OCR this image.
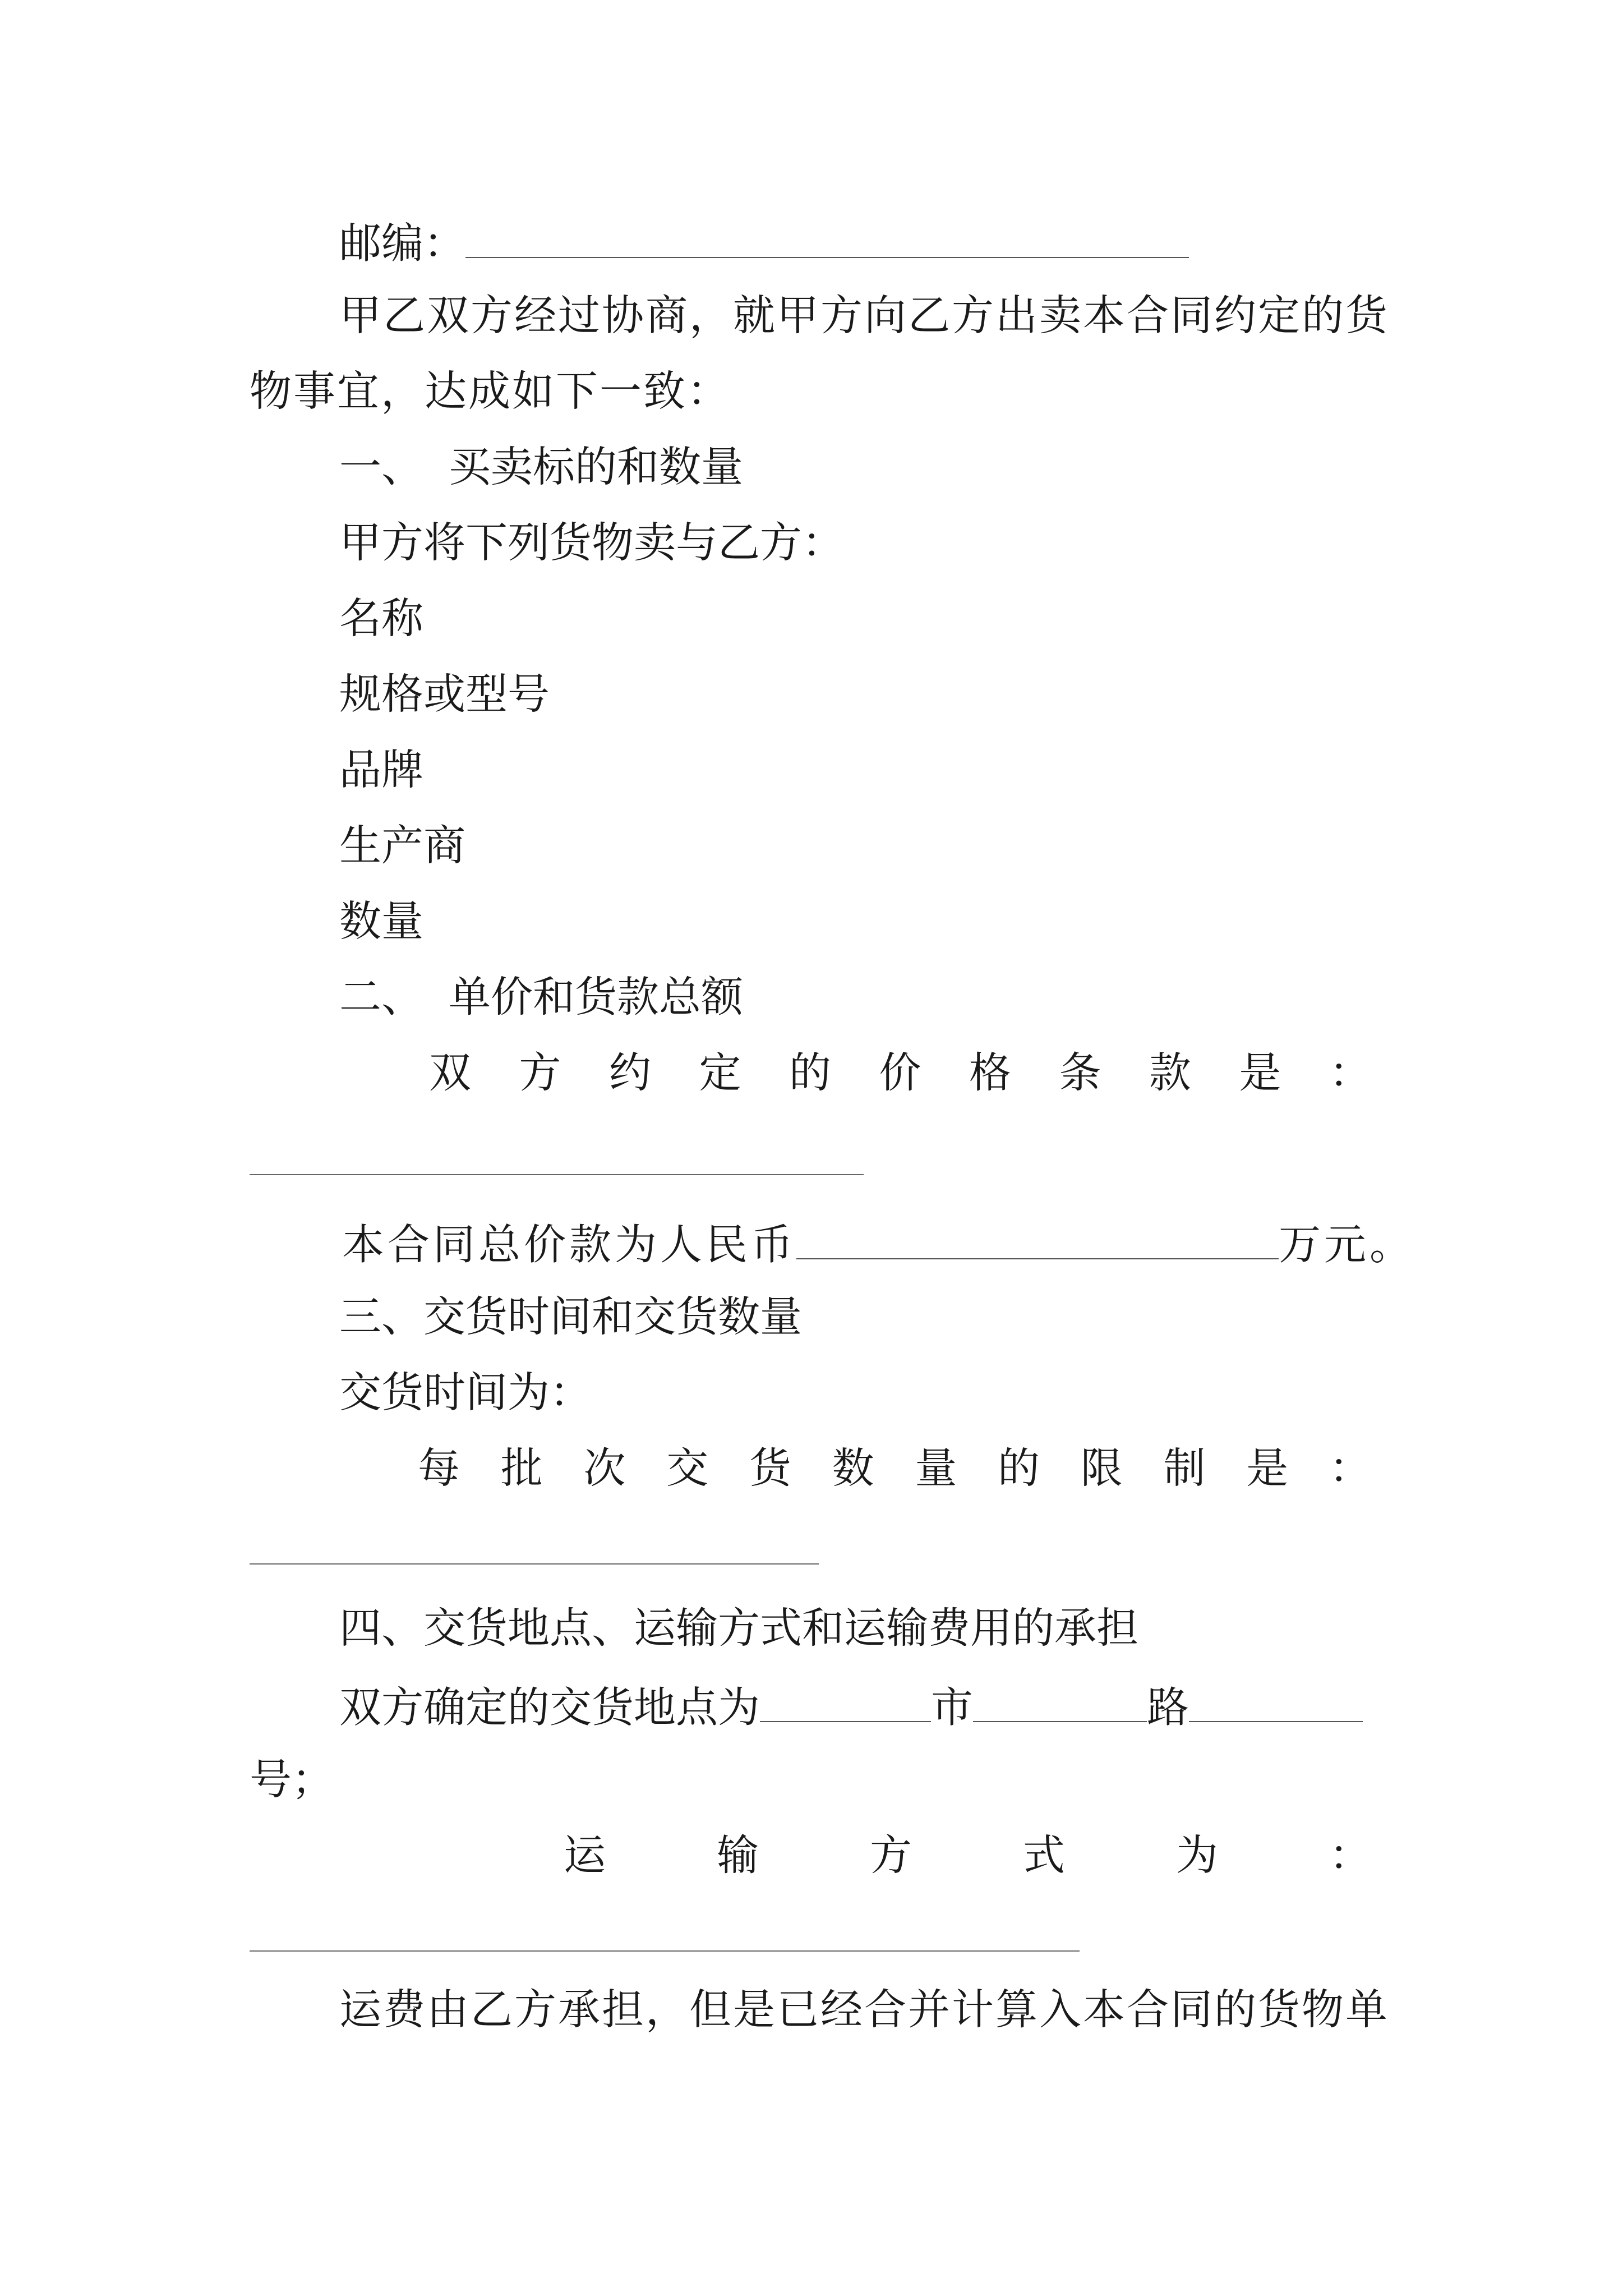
邮编：
甲乙双方经过协商，就甲方向乙方出卖本合同约定的货
物事宜，达成如下一致：
一、 买卖标的和数量
甲方将下列货物卖与乙方：
名称
规格或型号
品牌
生产商
数量
二、 单价和货款总额
双 方 约 定 的 价 格 条 款 是 ：
本合同总价款为人民币	万元。
三、交货时间和交货数量
交货时间为：
每 批 次 交 货 数 量 的 限 制 是 ：
四、交货地点、运输方式和运输费用的承担
双方确定的交货地点为	市	路
号；
运	输	方	式	为	：
运费由乙方承担，但是已经合并计算入本合同的货物单
